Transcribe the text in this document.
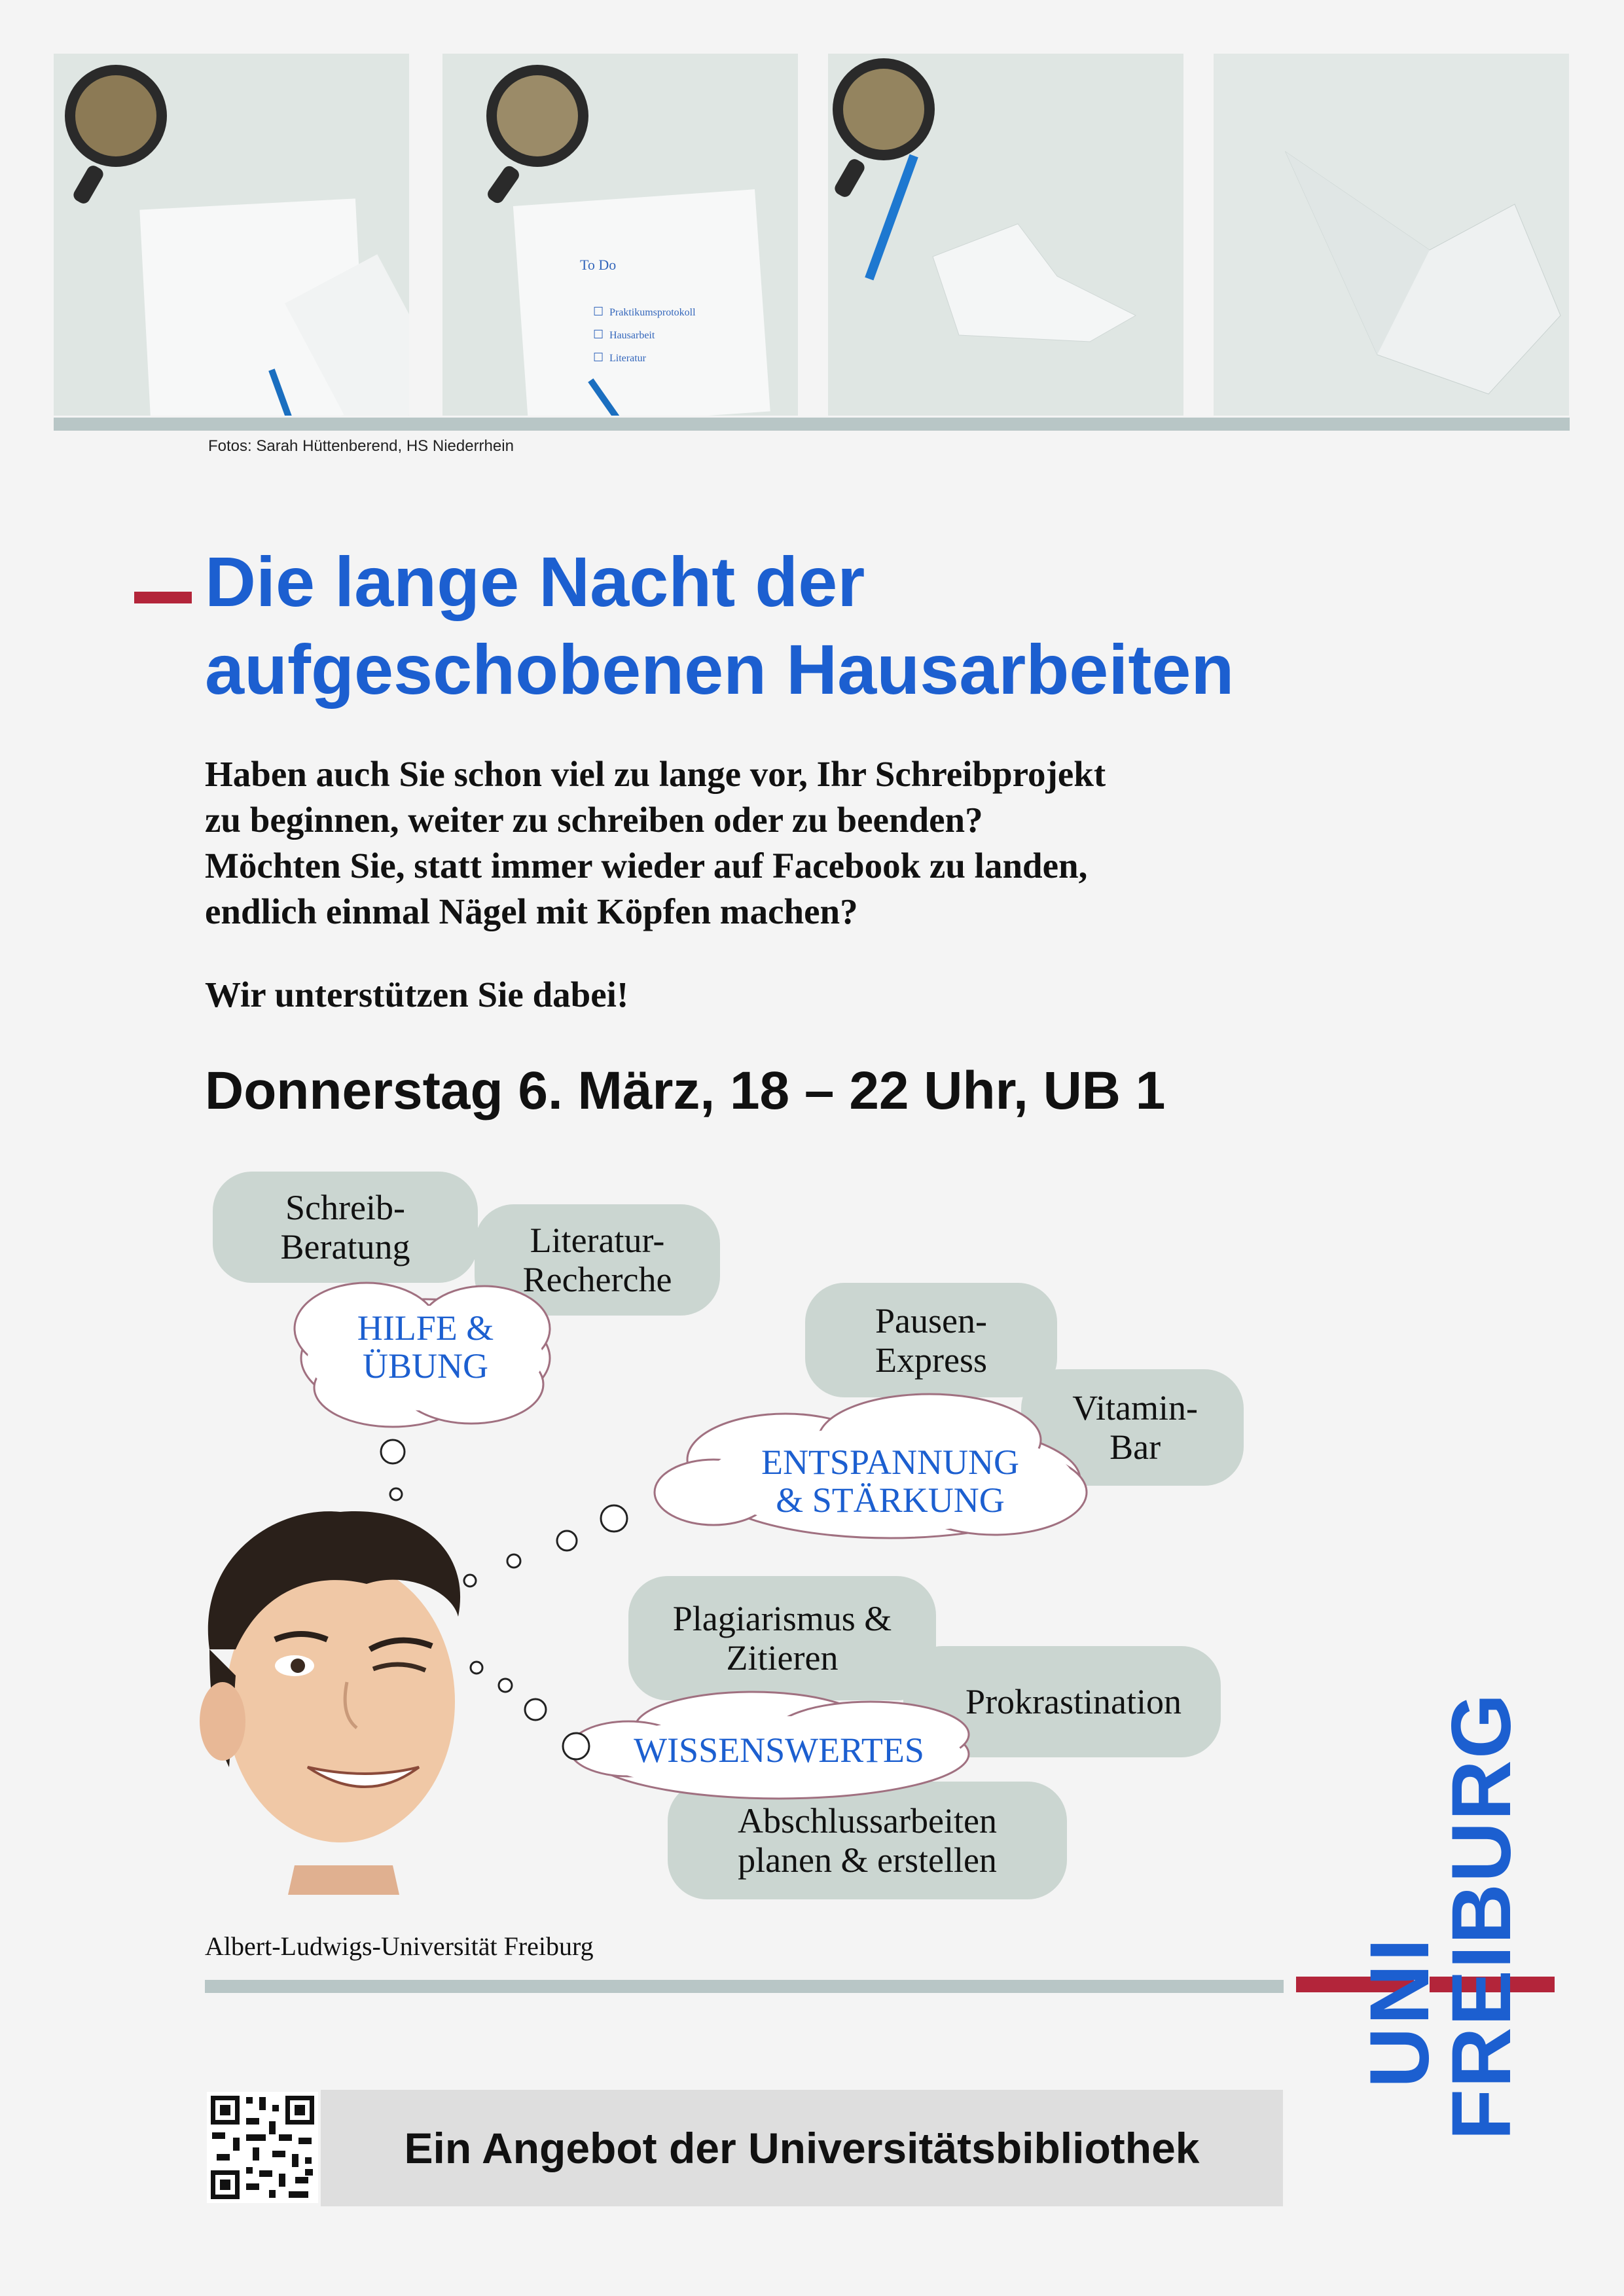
To Do
☐ Praktikumsprotokoll
☐ Hausarbeit
☐ Literatur
Fotos: Sarah Hüttenberend, HS Niederrhein
Die lange Nacht der
aufgeschobenen Hausarbeiten
Haben auch Sie schon viel zu lange vor, Ihr Schreibprojekt
zu beginnen, weiter zu schreiben oder zu beenden?
Möchten Sie, statt immer wieder auf Facebook zu landen,
endlich einmal Nägel mit Köpfen machen?
Wir unterstützen Sie dabei!
Donnerstag 6. März, 18 – 22 Uhr, UB 1
Schreib-
Beratung	Literatur-
Recherche
Pausen-
Express
Vitamin-
Bar
Plagiarismus &
Zitieren
Prokrastination
Abschlussarbeiten
planen & erstellen
HILFE &
ÜBUNG
ENTSPANNUNG
& STÄRKUNG
WISSENSWERTES
Albert-Ludwigs-Universität Freiburg
Ein Angebot der Universitätsbibliothek
UNI
FREIBURG
